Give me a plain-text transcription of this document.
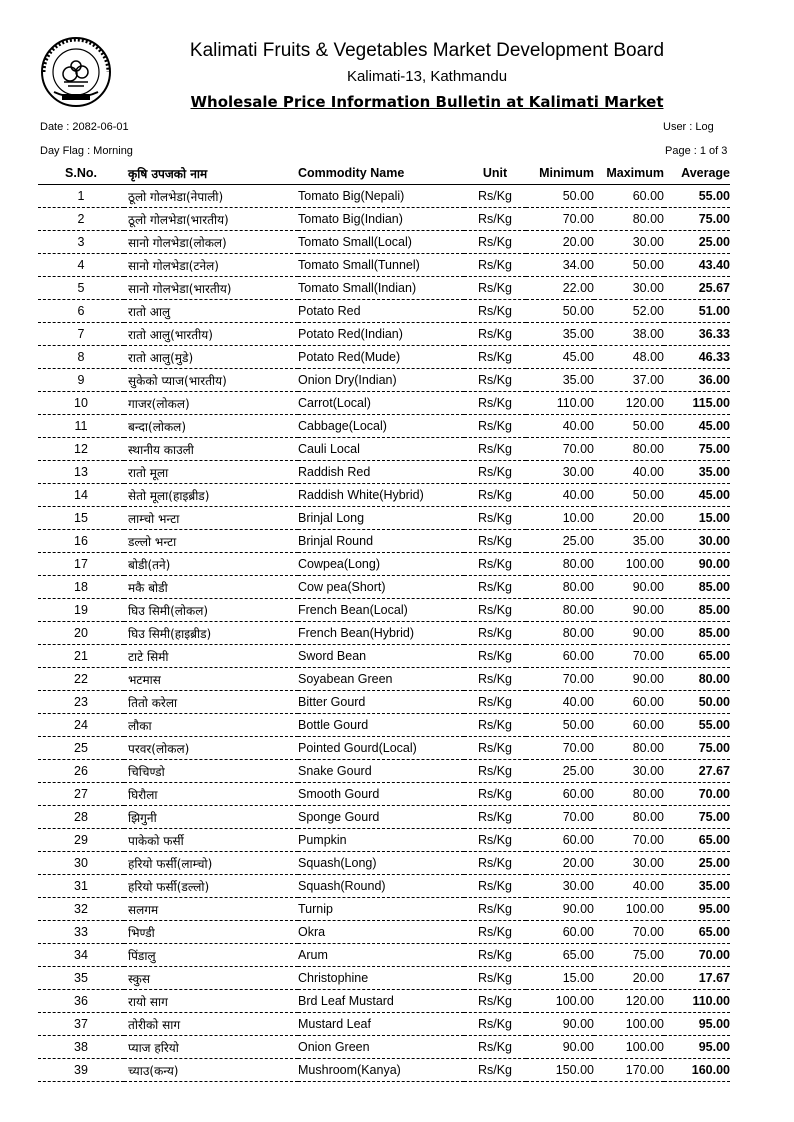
Kalimati Fruits & Vegetables Market Development Board
Kalimati-13, Kathmandu
Wholesale Price Information Bulletin at Kalimati Market
Date : 2082-06-01	User : Log
Day Flag : Morning	Page : 1 of 3
S.No.	कृषि उपजको नाम	Commodity Name	Unit	Minimum	Maximum	Average
1	ठूलो गोलभेडा(नेपाली)	Tomato Big(Nepali)	Rs/Kg	50.00	60.00	55.00
2	ठूलो गोलभेडा(भारतीय)	Tomato Big(Indian)	Rs/Kg	70.00	80.00	75.00
3	सानो गोलभेडा(लोकल)	Tomato Small(Local)	Rs/Kg	20.00	30.00	25.00
4	सानो गोलभेडा(टनेल)	Tomato Small(Tunnel)	Rs/Kg	34.00	50.00	43.40
5	सानो गोलभेडा(भारतीय)	Tomato Small(Indian)	Rs/Kg	22.00	30.00	25.67
6	रातो आलु	Potato Red	Rs/Kg	50.00	52.00	51.00
7	रातो आलु(भारतीय)	Potato Red(Indian)	Rs/Kg	35.00	38.00	36.33
8	रातो आलु(मुडे)	Potato Red(Mude)	Rs/Kg	45.00	48.00	46.33
9	सुकेको प्याज(भारतीय)	Onion Dry(Indian)	Rs/Kg	35.00	37.00	36.00
10	गाजर(लोकल)	Carrot(Local)	Rs/Kg	110.00	120.00	115.00
11	बन्दा(लोकल)	Cabbage(Local)	Rs/Kg	40.00	50.00	45.00
12	स्थानीय काउली	Cauli Local	Rs/Kg	70.00	80.00	75.00
13	रातो मूला	Raddish Red	Rs/Kg	30.00	40.00	35.00
14	सेतो मूला(हाइब्रीड)	Raddish White(Hybrid)	Rs/Kg	40.00	50.00	45.00
15	लाम्चो भन्टा	Brinjal Long	Rs/Kg	10.00	20.00	15.00
16	डल्लो भन्टा	Brinjal Round	Rs/Kg	25.00	35.00	30.00
17	बोडी(तने)	Cowpea(Long)	Rs/Kg	80.00	100.00	90.00
18	मकै बोडी	Cow pea(Short)	Rs/Kg	80.00	90.00	85.00
19	घिउ सिमी(लोकल)	French Bean(Local)	Rs/Kg	80.00	90.00	85.00
20	घिउ सिमी(हाइब्रीड)	French Bean(Hybrid)	Rs/Kg	80.00	90.00	85.00
21	टाटे सिमी	Sword Bean	Rs/Kg	60.00	70.00	65.00
22	भटमास	Soyabean Green	Rs/Kg	70.00	90.00	80.00
23	तितो करेला	Bitter Gourd	Rs/Kg	40.00	60.00	50.00
24	लौका	Bottle Gourd	Rs/Kg	50.00	60.00	55.00
25	परवर(लोकल)	Pointed Gourd(Local)	Rs/Kg	70.00	80.00	75.00
26	चिचिण्डो	Snake Gourd	Rs/Kg	25.00	30.00	27.67
27	घिरौला	Smooth Gourd	Rs/Kg	60.00	80.00	70.00
28	झिगुनी	Sponge Gourd	Rs/Kg	70.00	80.00	75.00
29	पाकेको फर्सी	Pumpkin	Rs/Kg	60.00	70.00	65.00
30	हरियो फर्सी(लाम्चो)	Squash(Long)	Rs/Kg	20.00	30.00	25.00
31	हरियो फर्सी(डल्लो)	Squash(Round)	Rs/Kg	30.00	40.00	35.00
32	सलगम	Turnip	Rs/Kg	90.00	100.00	95.00
33	भिण्डी	Okra	Rs/Kg	60.00	70.00	65.00
34	पिंडालु	Arum	Rs/Kg	65.00	75.00	70.00
35	स्कुस	Christophine	Rs/Kg	15.00	20.00	17.67
36	रायो साग	Brd Leaf Mustard	Rs/Kg	100.00	120.00	110.00
37	तोरीको साग	Mustard Leaf	Rs/Kg	90.00	100.00	95.00
38	प्याज हरियो	Onion Green	Rs/Kg	90.00	100.00	95.00
39	च्याउ(कन्य)	Mushroom(Kanya)	Rs/Kg	150.00	170.00	160.00
